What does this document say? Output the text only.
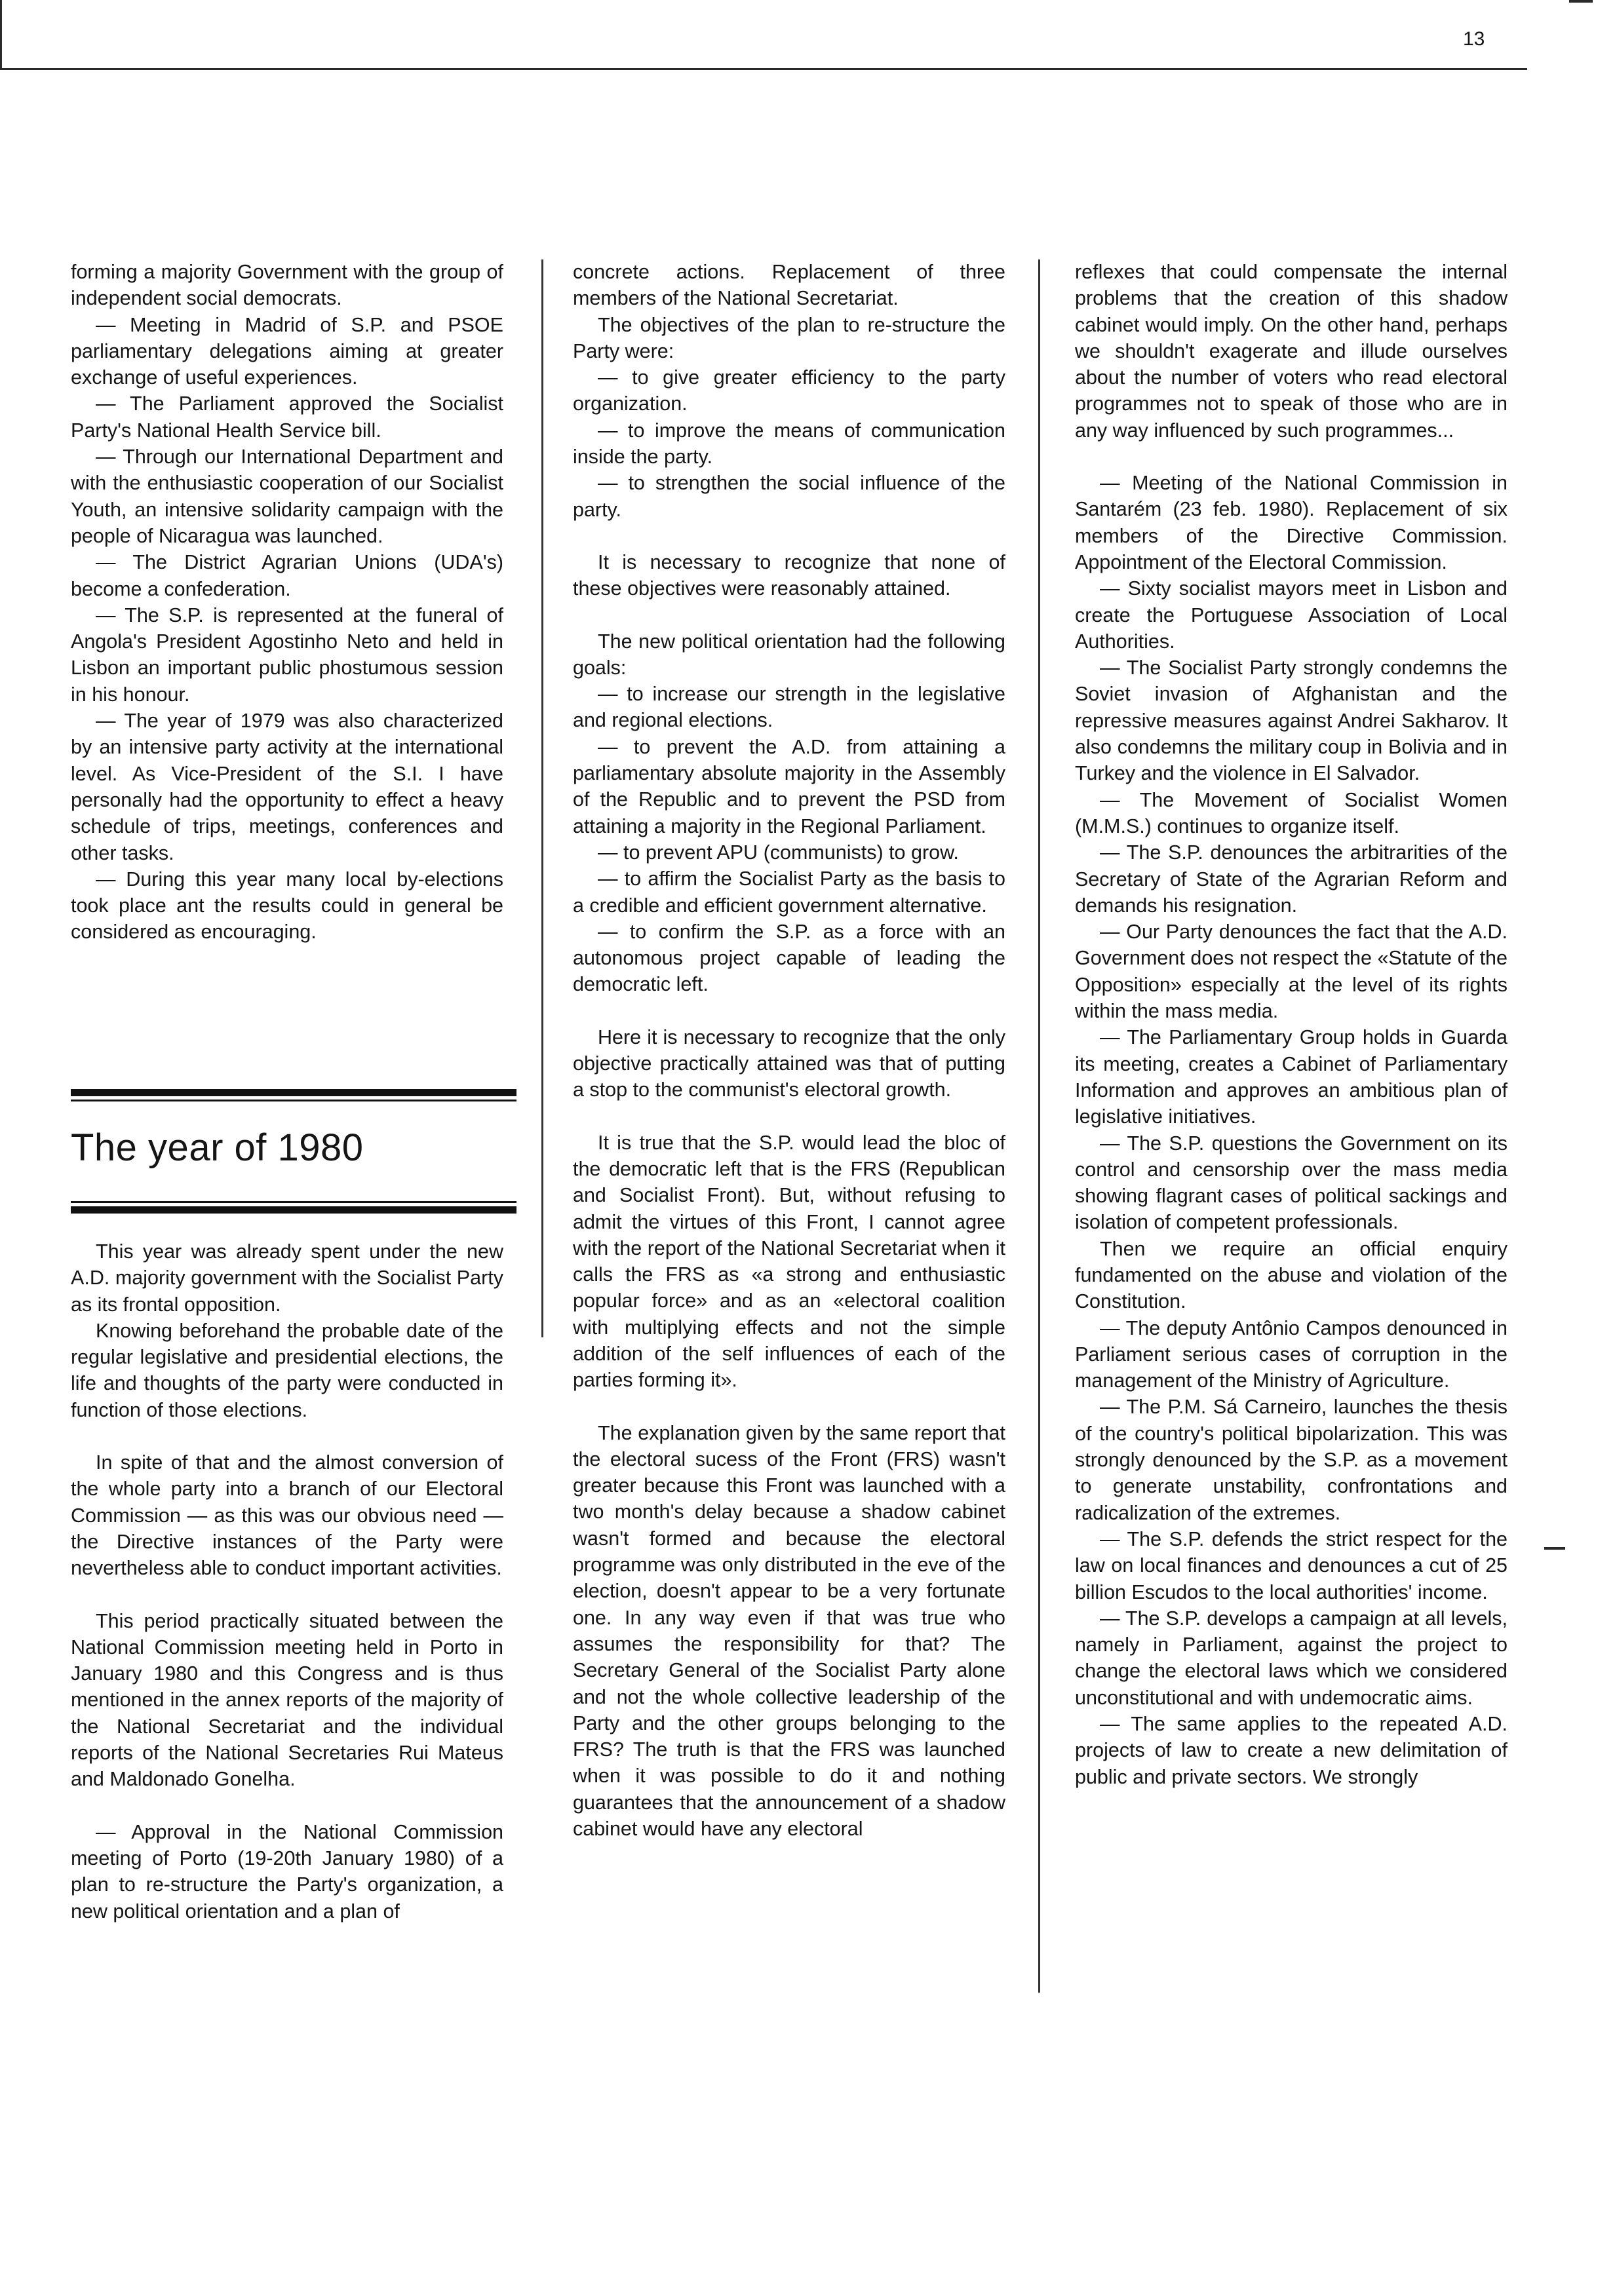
13

forming a majority Government with the group of independent social democrats.

— Meeting in Madrid of S.P. and PSOE parliamentary delegations aiming at greater exchange of useful experiences.

— The Parliament approved the Socialist Party's National Health Service bill.

— Through our International Department and with the enthusiastic cooperation of our Socialist Youth, an intensive solidarity campaign with the people of Nicaragua was launched.

— The District Agrarian Unions (UDA's) become a confederation.

— The S.P. is represented at the funeral of Angola's President Agostinho Neto and held in Lisbon an important public phostumous session in his honour.

— The year of 1979 was also characterized by an intensive party activity at the international level. As Vice-President of the S.I. I have personally had the opportunity to effect a heavy schedule of trips, meetings, conferences and other tasks.

— During this year many local by-elections took place ant the results could in general be considered as encouraging.

The year of 1980

This year was already spent under the new A.D. majority government with the Socialist Party as its frontal opposition.

Knowing beforehand the probable date of the regular legislative and presidential elections, the life and thoughts of the party were conducted in function of those elections.

In spite of that and the almost conversion of the whole party into a branch of our Electoral Commission — as this was our obvious need — the Directive instances of the Party were nevertheless able to conduct important activities.

This period practically situated between the National Commission meeting held in Porto in January 1980 and this Congress and is thus mentioned in the annex reports of the majority of the National Secretariat and the individual reports of the National Secretaries Rui Mateus and Maldonado Gonelha.

— Approval in the National Commission meeting of Porto (19-20th January 1980) of a plan to re-structure the Party's organization, a new political orientation and a plan of

concrete actions. Replacement of three members of the National Secretariat.

The objectives of the plan to re-structure the Party were:

— to give greater efficiency to the party organization.

— to improve the means of communication inside the party.

— to strengthen the social influence of the party.

It is necessary to recognize that none of these objectives were reasonably attained.

The new political orientation had the following goals:

— to increase our strength in the legislative and regional elections.

— to prevent the A.D. from attaining a parliamentary absolute majority in the Assembly of the Republic and to prevent the PSD from attaining a majority in the Regional Parliament.

— to prevent APU (communists) to grow.

— to affirm the Socialist Party as the basis to a credible and efficient government alternative.

— to confirm the S.P. as a force with an autonomous project capable of leading the democratic left.

Here it is necessary to recognize that the only objective practically attained was that of putting a stop to the communist's electoral growth.

It is true that the S.P. would lead the bloc of the democratic left that is the FRS (Republican and Socialist Front). But, without refusing to admit the virtues of this Front, I cannot agree with the report of the National Secretariat when it calls the FRS as «a strong and enthusiastic popular force» and as an «electoral coalition with multiplying effects and not the simple addition of the self influences of each of the parties forming it».

The explanation given by the same report that the electoral sucess of the Front (FRS) wasn't greater because this Front was launched with a two month's delay because a shadow cabinet wasn't formed and because the electoral programme was only distributed in the eve of the election, doesn't appear to be a very fortunate one. In any way even if that was true who assumes the responsibility for that? The Secretary General of the Socialist Party alone and not the whole collective leadership of the Party and the other groups belonging to the FRS? The truth is that the FRS was launched when it was possible to do it and nothing guarantees that the announcement of a shadow cabinet would have any electoral

reflexes that could compensate the internal problems that the creation of this shadow cabinet would imply. On the other hand, perhaps we shouldn't exagerate and illude ourselves about the number of voters who read electoral programmes not to speak of those who are in any way influenced by such programmes...

— Meeting of the National Commission in Santarém (23 feb. 1980). Replacement of six members of the Directive Commission. Appointment of the Electoral Commission.

— Sixty socialist mayors meet in Lisbon and create the Portuguese Association of Local Authorities.

— The Socialist Party strongly condemns the Soviet invasion of Afghanistan and the repressive measures against Andrei Sakharov. It also condemns the military coup in Bolivia and in Turkey and the violence in El Salvador.

— The Movement of Socialist Women (M.M.S.) continues to organize itself.

— The S.P. denounces the arbitrarities of the Secretary of State of the Agrarian Reform and demands his resignation.

— Our Party denounces the fact that the A.D. Government does not respect the «Statute of the Opposition» especially at the level of its rights within the mass media.

— The Parliamentary Group holds in Guarda its meeting, creates a Cabinet of Parliamentary Information and approves an ambitious plan of legislative initiatives.

— The S.P. questions the Government on its control and censorship over the mass media showing flagrant cases of political sackings and isolation of competent professionals.

Then we require an official enquiry fundamented on the abuse and violation of the Constitution.

— The deputy Antônio Campos denounced in Parliament serious cases of corruption in the management of the Ministry of Agriculture.

— The P.M. Sá Carneiro, launches the thesis of the country's political bipolarization. This was strongly denounced by the S.P. as a movement to generate unstability, confrontations and radicalization of the extremes.

— The S.P. defends the strict respect for the law on local finances and denounces a cut of 25 billion Escudos to the local authorities' income.

— The S.P. develops a campaign at all levels, namely in Parliament, against the project to change the electoral laws which we considered unconstitutional and with undemocratic aims.

— The same applies to the repeated A.D. projects of law to create a new delimitation of public and private sectors. We strongly
